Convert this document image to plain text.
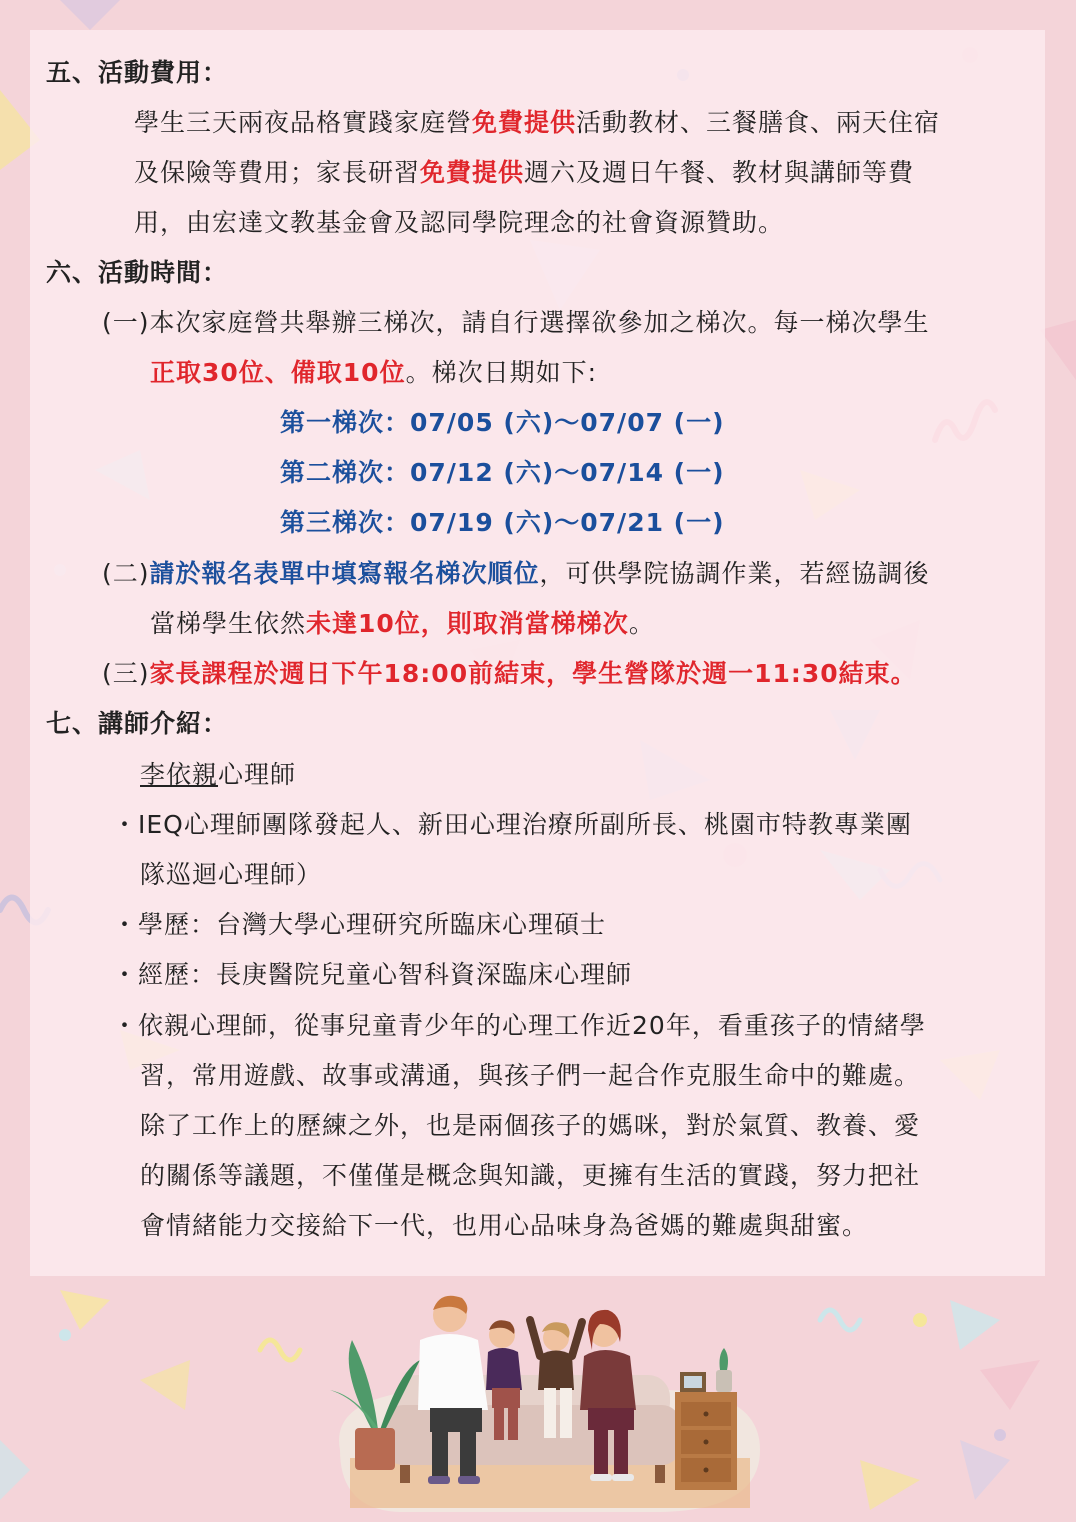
五、活動費用：
學生三天兩夜品格實踐家庭營免費提供活動教材、三餐膳食、兩天住宿
及保險等費用；家長研習免費提供週六及週日午餐、教材與講師等費
用，由宏達文教基金會及認同學院理念的社會資源贊助。
六、活動時間：
(一)本次家庭營共舉辦三梯次，請自行選擇欲參加之梯次。每一梯次學生
正取30位、備取10位。梯次日期如下:
第一梯次：07/05 (六)～07/07 (一)
第二梯次：07/12 (六)～07/14 (一)
第三梯次：07/19 (六)～07/21 (一)
(二)請於報名表單中填寫報名梯次順位，可供學院協調作業，若經協調後
當梯學生依然未達10位，則取消當梯梯次。
(三)家長課程於週日下午18:00前結束，學生營隊於週一11:30結束。
七、講師介紹：
李依親心理師
・IEQ心理師團隊發起人、新田心理治療所副所長、桃園市特教專業團
隊巡迴心理師）
・學歷：台灣大學心理研究所臨床心理碩士
・經歷：長庚醫院兒童心智科資深臨床心理師
・依親心理師，從事兒童青少年的心理工作近20年，看重孩子的情緒學
習，常用遊戲、故事或溝通，與孩子們一起合作克服生命中的難處。
除了工作上的歷練之外，也是兩個孩子的媽咪，對於氣質、教養、愛
的關係等議題，不僅僅是概念與知識，更擁有生活的實踐，努力把社
會情緒能力交接給下一代，也用心品味身為爸媽的難處與甜蜜。
